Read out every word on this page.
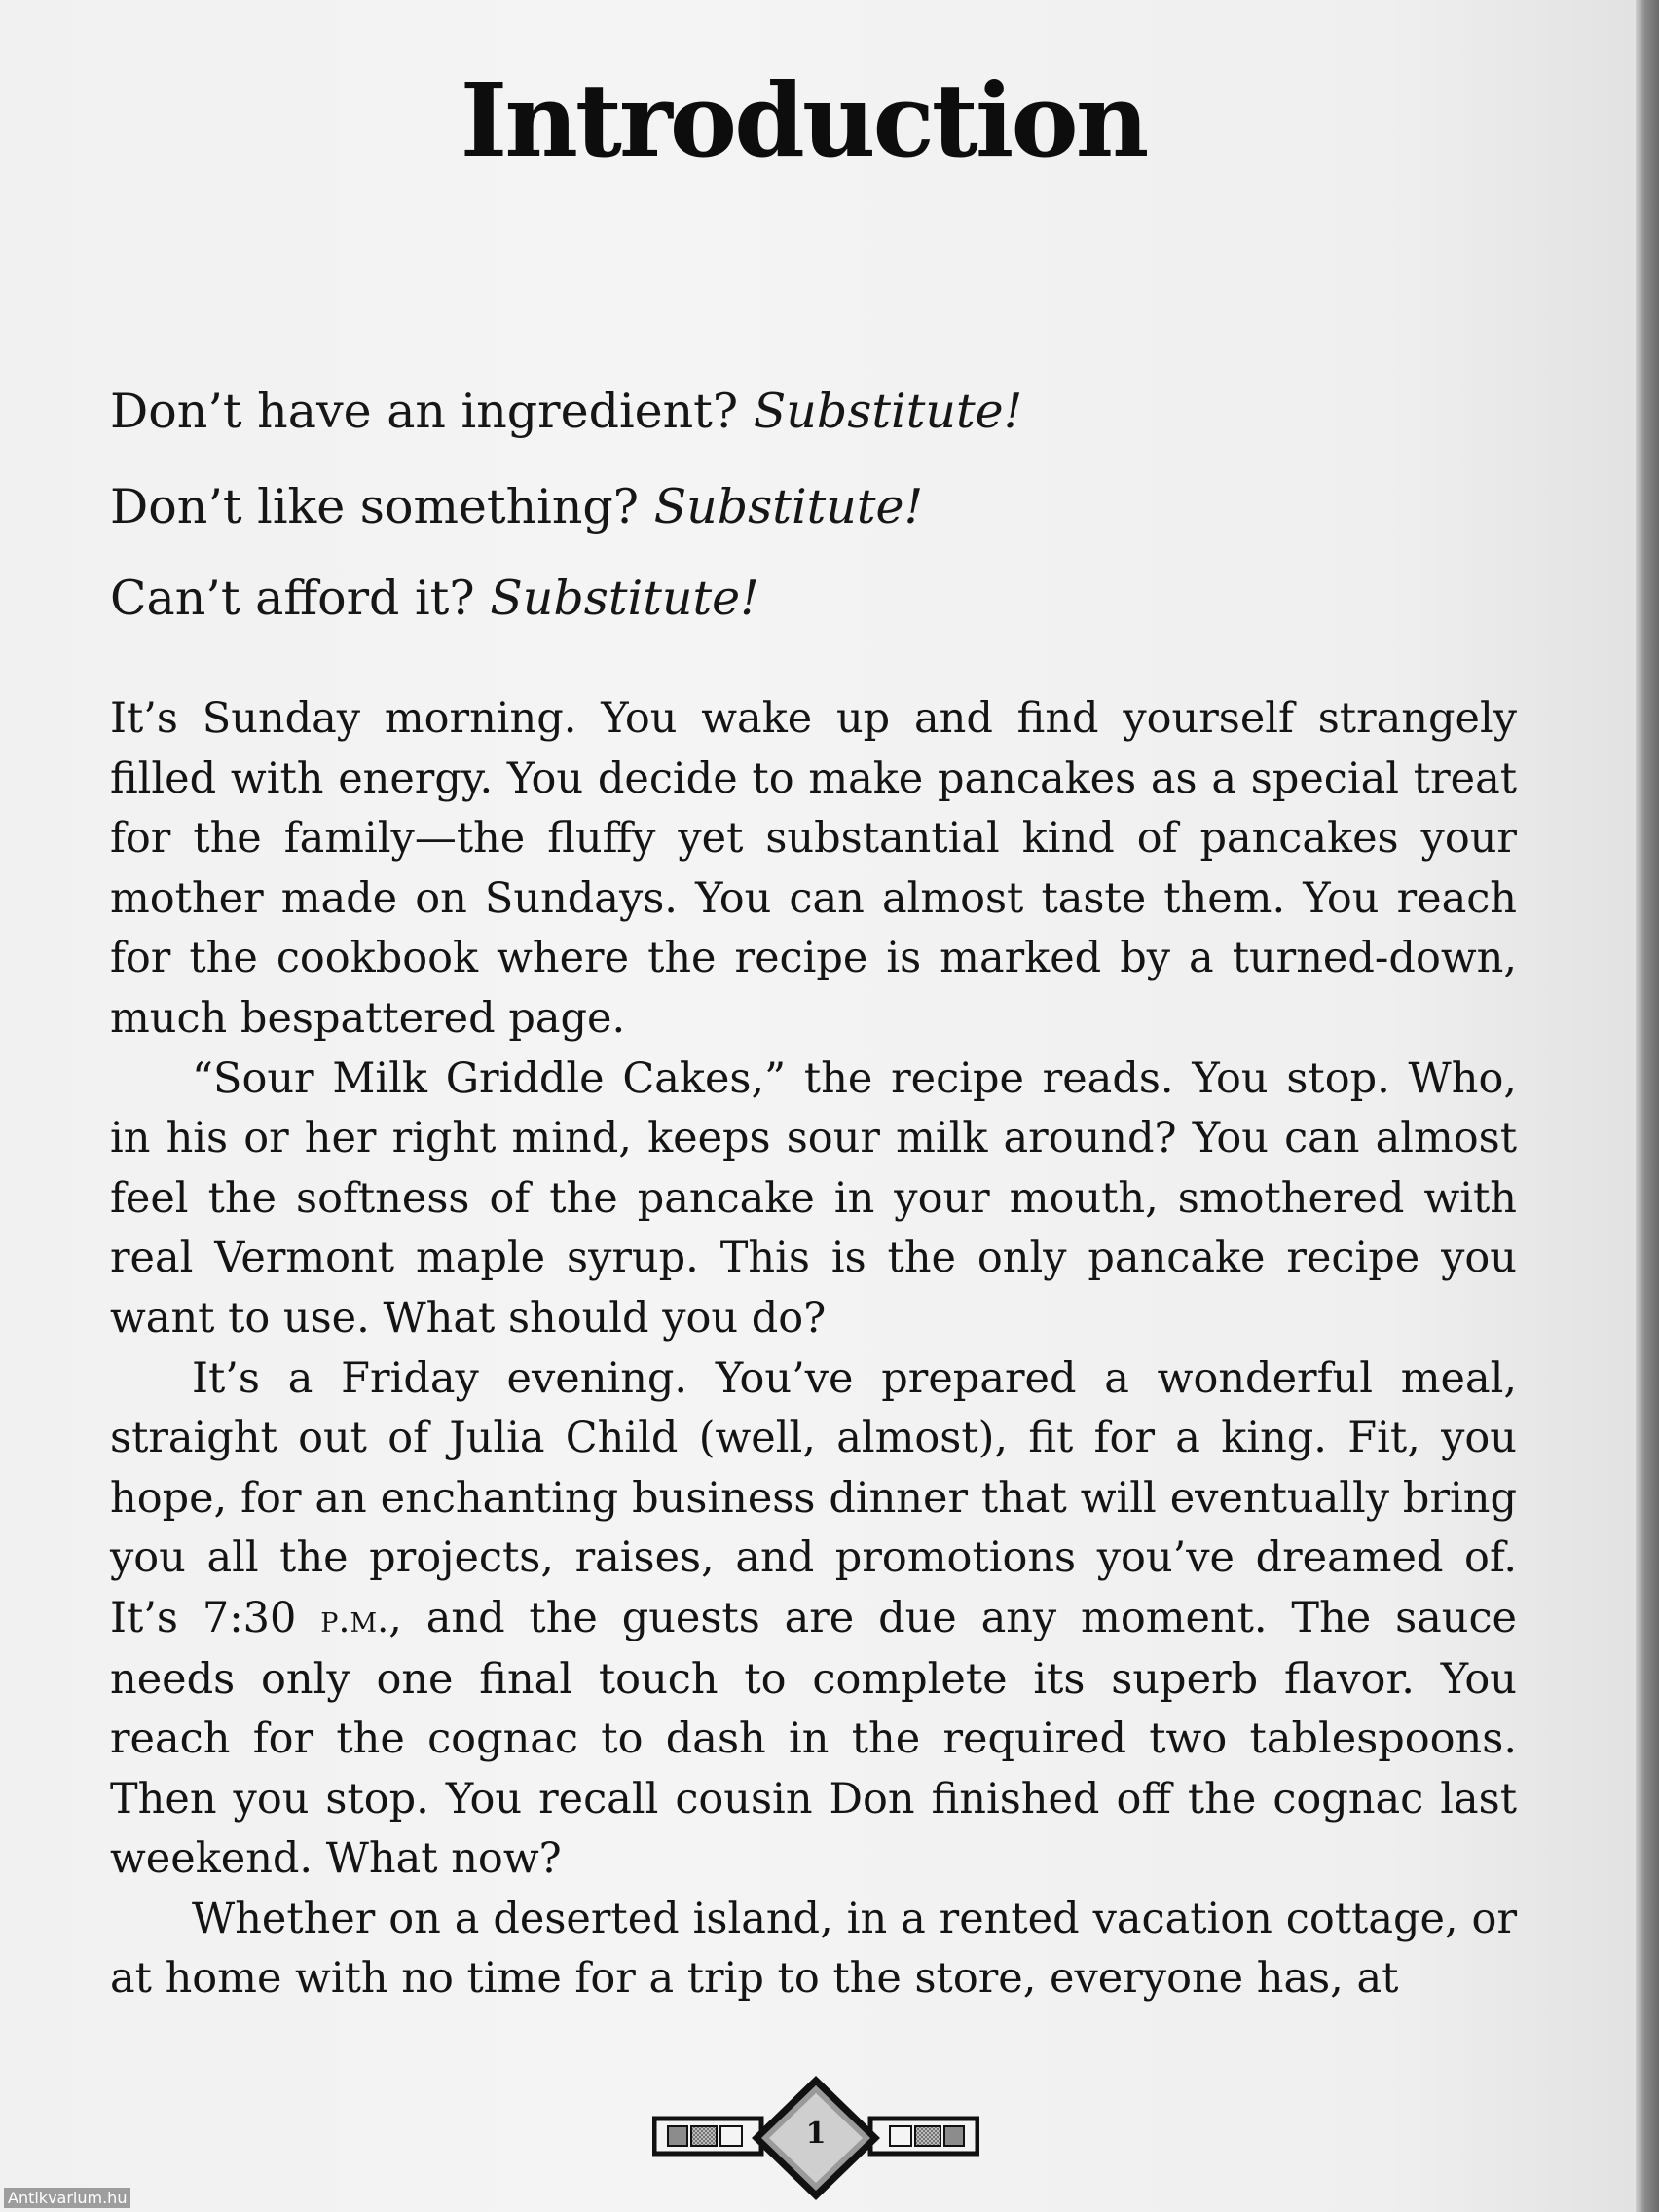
Introduction

Don’t have an ingredient? Substitute!

Don’t like something? Substitute!

Can’t afford it? Substitute!

It’s Sunday morning. You wake up and find yourself strangely filled with energy. You decide to make pancakes as a special treat for the family—the fluffy yet substantial kind of pancakes your mother made on Sundays. You can almost taste them. You reach for the cookbook where the recipe is marked by a turned-down, much bespattered page.

“Sour Milk Griddle Cakes,” the recipe reads. You stop. Who, in his or her right mind, keeps sour milk around? You can almost feel the softness of the pancake in your mouth, smothered with real Vermont maple syrup. This is the only pancake recipe you want to use. What should you do?

It’s a Friday evening. You’ve prepared a wonderful meal, straight out of Julia Child (well, almost), fit for a king. Fit, you hope, for an enchanting business dinner that will eventually bring you all the projects, raises, and promotions you’ve dreamed of. It’s 7:30 p.m., and the guests are due any moment. The sauce needs only one final touch to complete its superb flavor. You reach for the cognac to dash in the required two tablespoons. Then you stop. You recall cousin Don finished off the cognac last weekend. What now?

Whether on a deserted island, in a rented vacation cottage, or at home with no time for a trip to the store, everyone has, at

1
Antikvarium.hu
